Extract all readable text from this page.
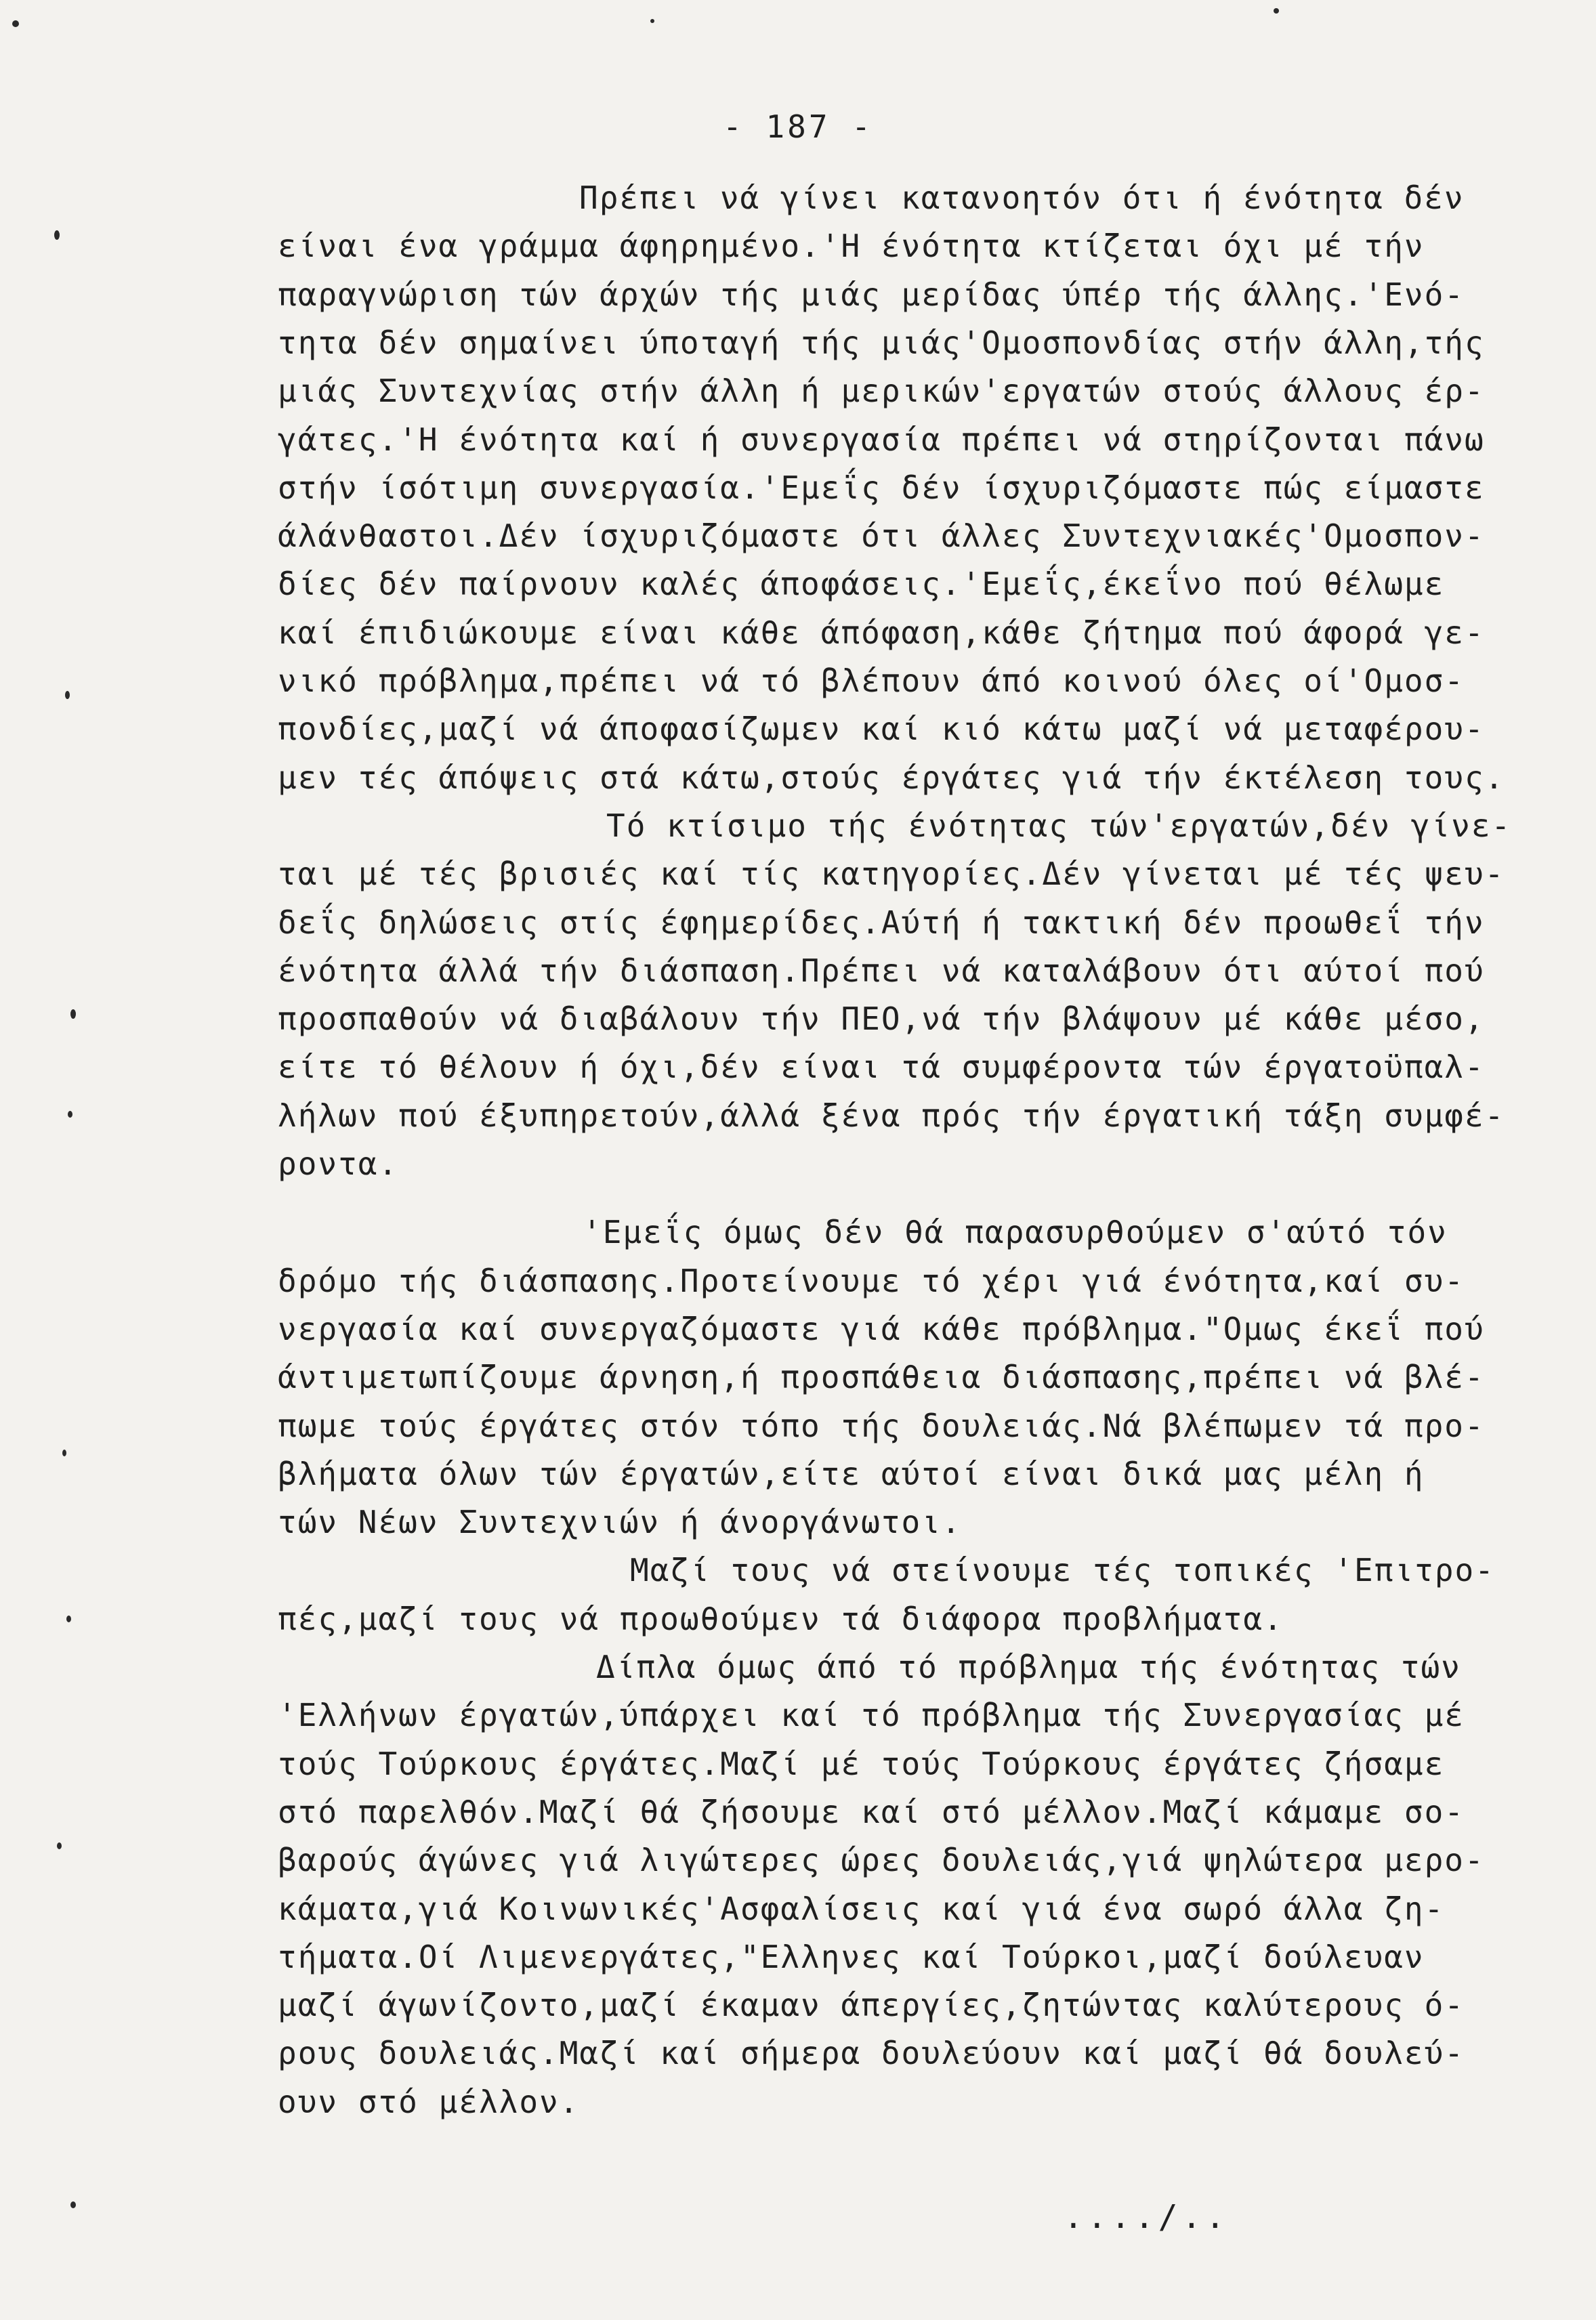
- 187 -
Πρέπει νά γίνει κατανοητόν ότι ή ένότητα δέν
είναι ένα γράμμα άφηρημένο.'Η ένότητα κτίζεται όχι μέ τήν
παραγνώριση τών άρχών τής μιάς μερίδας ύπέρ τής άλλης.'Ενό-
τητα δέν σημαίνει ύποταγή τής μιάς'Ομοσπονδίας στήν άλλη,τής
μιάς Συντεχνίας στήν άλλη ή μερικών'εργατών στούς άλλους έρ-
γάτες.'Η ένότητα καί ή συνεργασία πρέπει νά στηρίζονται πάνω
στήν ίσότιμη συνεργασία.'Εμεΐς δέν ίσχυριζόμαστε πώς είμαστε
άλάνθαστοι.Δέν ίσχυριζόμαστε ότι άλλες Συντεχνιακές'Ομοσπον-
δίες δέν παίρνουν καλές άποφάσεις.'Εμεΐς,έκεΐνο πού θέλωμε
καί έπιδιώκουμε είναι κάθε άπόφαση,κάθε ζήτημα πού άφορά γε-
νικό πρόβλημα,πρέπει νά τό βλέπουν άπό κοινού όλες οί'Ομοσ-
πονδίες,μαζί νά άποφασίζωμεν καί κιό κάτω μαζί νά μεταφέρου-
μεν τές άπόψεις στά κάτω,στούς έργάτες γιά τήν έκτέλεση τους.
Τό κτίσιμο τής ένότητας τών'εργατών,δέν γίνε-
ται μέ τές βρισιές καί τίς κατηγορίες.Δέν γίνεται μέ τές ψευ-
δεΐς δηλώσεις στίς έφημερίδες.Αύτή ή τακτική δέν προωθεΐ τήν
ένότητα άλλά τήν διάσπαση.Πρέπει νά καταλάβουν ότι αύτοί πού
προσπαθούν νά διαβάλουν τήν ΠΕΟ,νά τήν βλάψουν μέ κάθε μέσο,
είτε τό θέλουν ή όχι,δέν είναι τά συμφέροντα τών έργατοϋπαλ-
λήλων πού έξυπηρετούν,άλλά ξένα πρός τήν έργατική τάξη συμφέ-
ροντα.
'Εμεΐς όμως δέν θά παρασυρθούμεν σ'αύτό τόν
δρόμο τής διάσπασης.Προτείνουμε τό χέρι γιά ένότητα,καί συ-
νεργασία καί συνεργαζόμαστε γιά κάθε πρόβλημα."Ομως έκεΐ πού
άντιμετωπίζουμε άρνηση,ή προσπάθεια διάσπασης,πρέπει νά βλέ-
πωμε τούς έργάτες στόν τόπο τής δουλειάς.Νά βλέπωμεν τά προ-
βλήματα όλων τών έργατών,είτε αύτοί είναι δικά μας μέλη ή
τών Νέων Συντεχνιών ή άνοργάνωτοι.
Μαζί τους νά στείνουμε τές τοπικές 'Επιτρο-
πές,μαζί τους νά προωθούμεν τά διάφορα προβλήματα.
Δίπλα όμως άπό τό πρόβλημα τής ένότητας τών
'Ελλήνων έργατών,ύπάρχει καί τό πρόβλημα τής Συνεργασίας μέ
τούς Τούρκους έργάτες.Μαζί μέ τούς Τούρκους έργάτες ζήσαμε
στό παρελθόν.Μαζί θά ζήσουμε καί στό μέλλον.Μαζί κάμαμε σο-
βαρούς άγώνες γιά λιγώτερες ώρες δουλειάς,γιά ψηλώτερα μερο-
κάματα,γιά Κοινωνικές'Ασφαλίσεις καί γιά ένα σωρό άλλα ζη-
τήματα.Οί Λιμενεργάτες,"Ελληνες καί Τούρκοι,μαζί δούλευαν
μαζί άγωνίζοντο,μαζί έκαμαν άπεργίες,ζητώντας καλύτερους ό-
ρους δουλειάς.Μαζί καί σήμερα δουλεύουν καί μαζί θά δουλεύ-
ουν στό μέλλον.
..../..
